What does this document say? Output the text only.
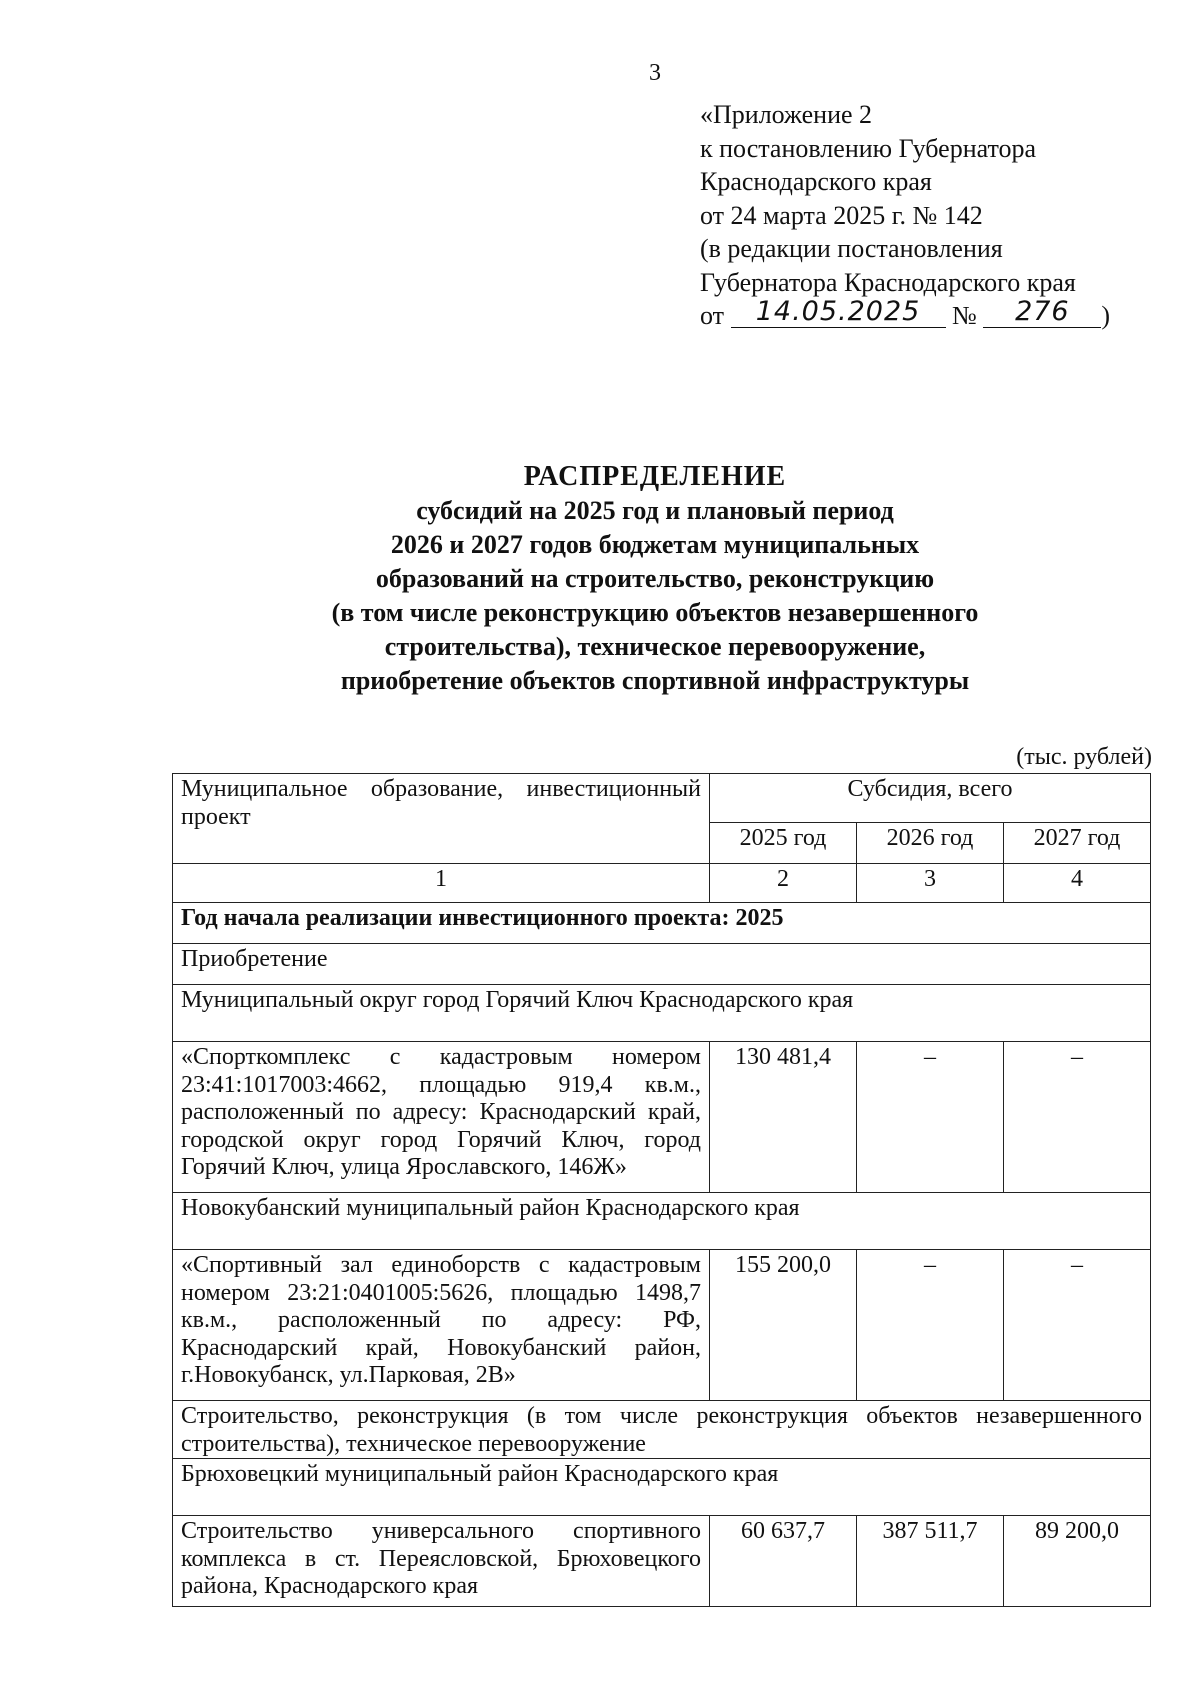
3
«Приложение 2
к постановлению Губернатора
Краснодарского края
от 24 марта 2025 г. № 142
(в редакции постановления
Губернатора Краснодарского края
от 14.05.2025 № 276 )
РАСПРЕДЕЛЕНИЕ
субсидий на 2025 год и плановый период
2026 и 2027 годов бюджетам муниципальных
образований на строительство, реконструкцию
(в том числе реконструкцию объектов незавершенного
строительства), техническое перевооружение,
приобретение объектов спортивной инфраструктуры
(тыс. рублей)
Муниципальное образование, инвестиционный проект	Субсидия, всего		
	2025 год	2026 год	2027 год
1	2	3	4
Год начала реализации инвестиционного проекта: 2025			
Приобретение			
Муниципальный округ город Горячий Ключ Краснодарского края			
«Спорткомплекс с кадастровым номером 23:41:1017003:4662, площадью 919,4 кв.м., расположенный по адресу: Краснодарский край, городской округ город Горячий Ключ, город Горячий Ключ, улица Ярославского, 146Ж»	130 481,4	–	–
Новокубанский муниципальный район Краснодарского края			
«Спортивный зал единоборств с кадастровым номером 23:21:0401005:5626, площадью 1498,7 кв.м., расположенный по адресу: РФ, Краснодарский край, Новокубанский район, г.Новокубанск, ул.Парковая, 2В»	155 200,0	–	–
Строительство, реконструкция (в том числе реконструкция объектов незавершенного строительства), техническое перевооружение			
Брюховецкий муниципальный район Краснодарского края			
Строительство универсального спортивного комплекса в ст. Переясловской, Брюховецкого района, Краснодарского края	60 637,7	387 511,7	89 200,0
